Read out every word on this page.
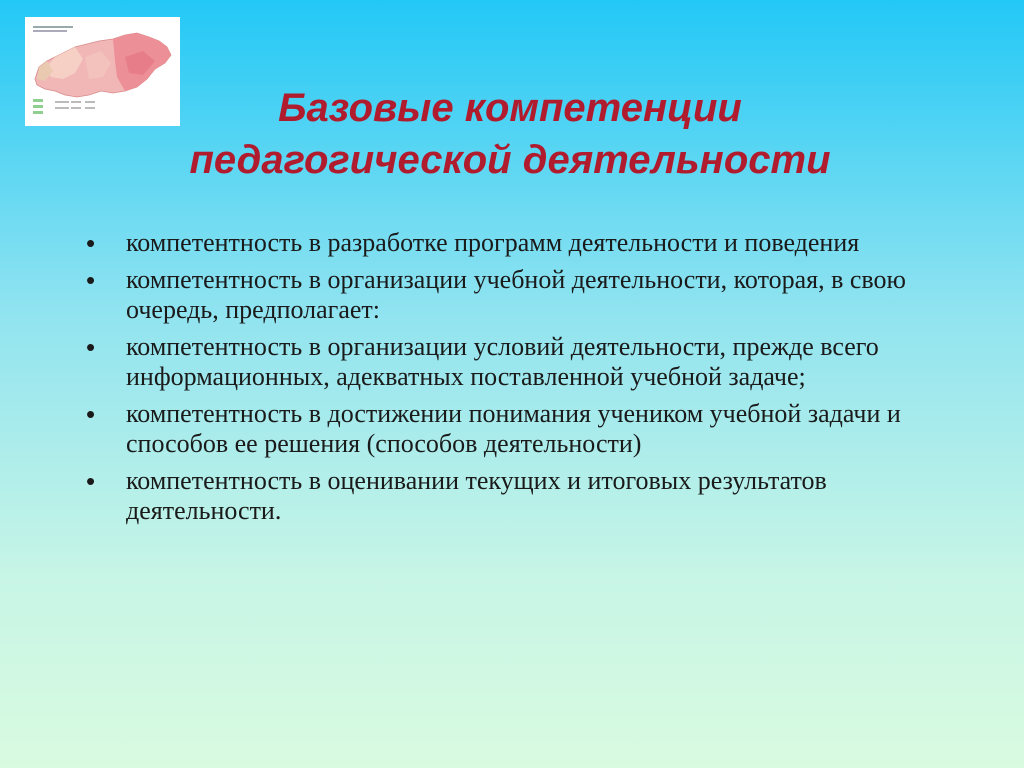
Базовые компетенции
педагогической деятельности
• компетентность в разработке программ деятельности и поведения
• компетентность в организации учебной деятельности, которая, в свою очередь, предполагает:
• компетентность в организации условий деятельности, прежде всего информационных, адекватных поставленной учебной задаче;
• компетентность в достижении понимания учеником учебной задачи и способов ее решения (способов деятельности)
• компетентность в оценивании текущих и итоговых результатов деятельности.
